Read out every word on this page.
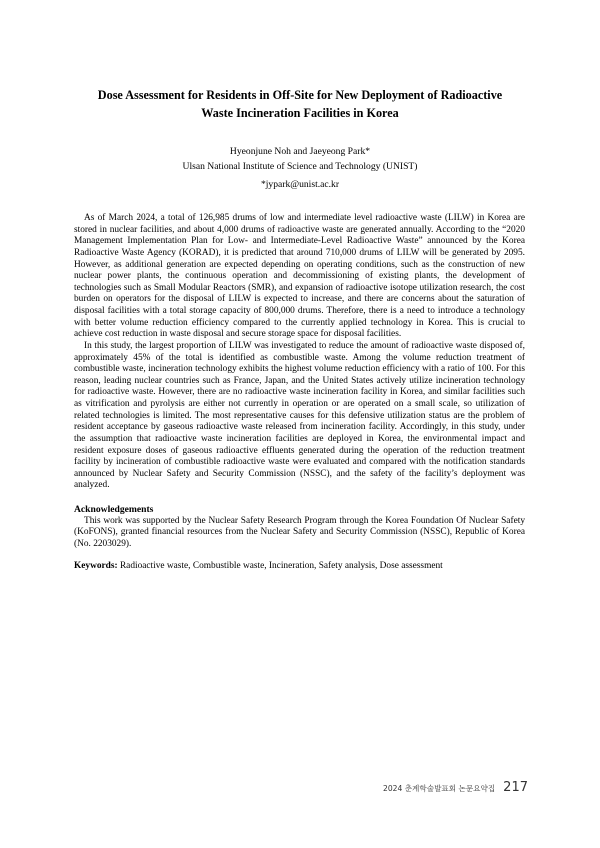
Dose Assessment for Residents in Off-Site for New Deployment of Radioactive
Waste Incineration Facilities in Korea
Hyeonjune Noh and Jaeyeong Park*
Ulsan National Institute of Science and Technology (UNIST)
*jypark@unist.ac.kr

As of March 2024, a total of 126,985 drums of low and intermediate level radioactive waste (LILW) in Korea are stored in nuclear facilities, and about 4,000 drums of radioactive waste are generated annually. According to the “2020 Management Implementation Plan for Low- and Intermediate-Level Radioactive Waste” announced by the Korea Radioactive Waste Agency (KORAD), it is predicted that around 710,000 drums of LILW will be generated by 2095. However, as additional generation are expected depending on operating conditions, such as the construction of new nuclear power plants, the continuous operation and decommissioning of existing plants, the development of technologies such as Small Modular Reactors (SMR), and expansion of radioactive isotope utilization research, the cost burden on operators for the disposal of LILW is expected to increase, and there are concerns about the saturation of disposal facilities with a total storage capacity of 800,000 drums. Therefore, there is a need to introduce a technology with better volume reduction efficiency compared to the currently applied technology in Korea. This is crucial to achieve cost reduction in waste disposal and secure storage space for disposal facilities.

In this study, the largest proportion of LILW was investigated to reduce the amount of radioactive waste disposed of, approximately 45% of the total is identified as combustible waste. Among the volume reduction treatment of combustible waste, incineration technology exhibits the highest volume reduction efficiency with a ratio of 100. For this reason, leading nuclear countries such as France, Japan, and the United States actively utilize incineration technology for radioactive waste. However, there are no radioactive waste incineration facility in Korea, and similar facilities such as vitrification and pyrolysis are either not currently in operation or are operated on a small scale, so utilization of related technologies is limited. The most representative causes for this defensive utilization status are the problem of resident acceptance by gaseous radioactive waste released from incineration facility. Accordingly, in this study, under the assumption that radioactive waste incineration facilities are deployed in Korea, the environmental impact and resident exposure doses of gaseous radioactive effluents generated during the operation of the reduction treatment facility by incineration of combustible radioactive waste were evaluated and compared with the notification standards announced by Nuclear Safety and Security Commission (NSSC), and the safety of the facility’s deployment was analyzed.

Acknowledgements

This work was supported by the Nuclear Safety Research Program through the Korea Foundation Of Nuclear Safety (KoFONS), granted financial resources from the Nuclear Safety and Security Commission (NSSC), Republic of Korea (No. 2203029).

Keywords: Radioactive waste, Combustible waste, Incineration, Safety analysis, Dose assessment
2024 춘계학술발표회 논문요약집 217
